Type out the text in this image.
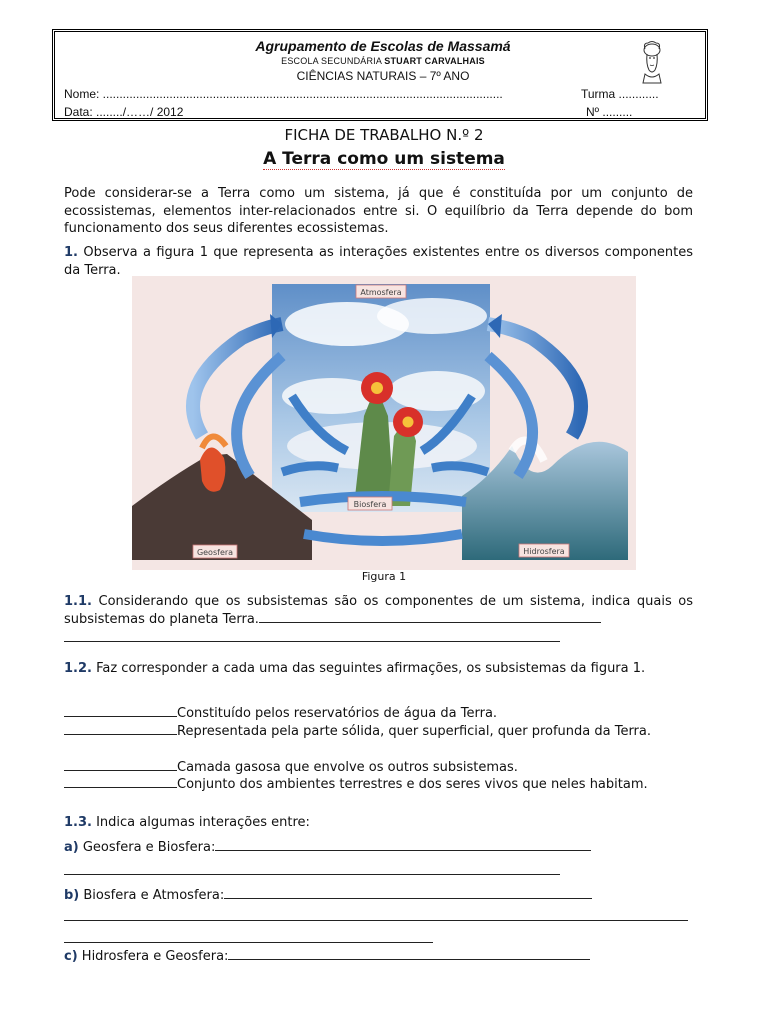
Agrupamento de Escolas de Massamá
ESCOLA SECUNDÁRIA STUART CARVALHAIS
CIÊNCIAS NATURAIS – 7º ANO
Nome: ........................................................................................................................	Turma ............
Data: ......../……/ 2012	Nº .........
FICHA DE TRABALHO N.º 2
A Terra como um sistema
Pode considerar-se a Terra como um sistema, já que é constituída por um conjunto de ecossistemas, elementos inter-relacionados entre si. O equilíbrio da Terra depende do bom funcionamento dos seus diferentes ecossistemas.
1. Observa a figura 1 que representa as interações existentes entre os diversos componentes da Terra.
Atmosfera
Biosfera
Geosfera	Hidrosfera
Figura 1
1.1. Considerando que os subsistemas são os componentes de um sistema, indica quais os subsistemas do planeta Terra.
1.2. Faz corresponder a cada uma das seguintes afirmações, os subsistemas da figura 1.
Constituído pelos reservatórios de água da Terra.
Representada pela parte sólida, quer superficial, quer profunda da Terra.
Camada gasosa que envolve os outros subsistemas.
Conjunto dos ambientes terrestres e dos seres vivos que neles habitam.
1.3. Indica algumas interações entre:
a) Geosfera e Biosfera:
b) Biosfera e Atmosfera:
c) Hidrosfera e Geosfera:
